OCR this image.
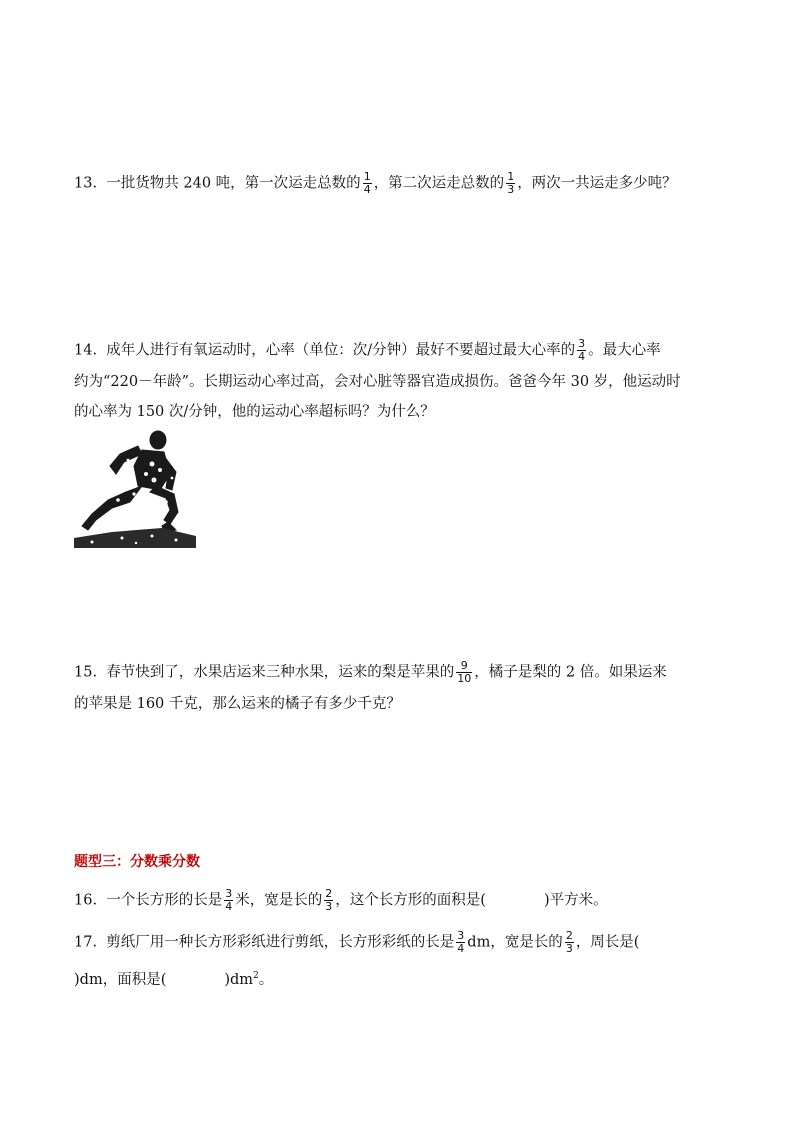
13. 一批货物共 240 吨，第一次运走总数的 $\frac{1}{4}$ ，第二次运走总数的 $\frac{1}{3}$ ，两次一共运走多少吨？
14. 成年人进行有氧运动时，心率（单位：次/分钟）最好不要超过最大心率的 $\frac{3}{4}$ 。最大心率
约为“220－年龄”。长期运动心率过高，会对心脏等器官造成损伤。爸爸今年 30 岁，他运动时
的心率为 150 次/分钟，他的运动心率超标吗？为什么？
15. 春节快到了，水果店运来三种水果，运来的梨是苹果的 $\frac{9}{10}$ ，橘子是梨的 2 倍。如果运来
的苹果是 160 千克，那么运来的橘子有多少千克？
题型三：分数乘分数
16. 一个长方形的长是 $\frac{3}{4}$ 米，宽是长的 $\frac{2}{3}$ ，这个长方形的面积是(	)平方米。
17. 剪纸厂用一种长方形彩纸进行剪纸，长方形彩纸的长是 $\frac{3}{4}$ dm，宽是长的 $\frac{2}{3}$ ，周长是(
)dm，面积是(	)$dm^2$。
